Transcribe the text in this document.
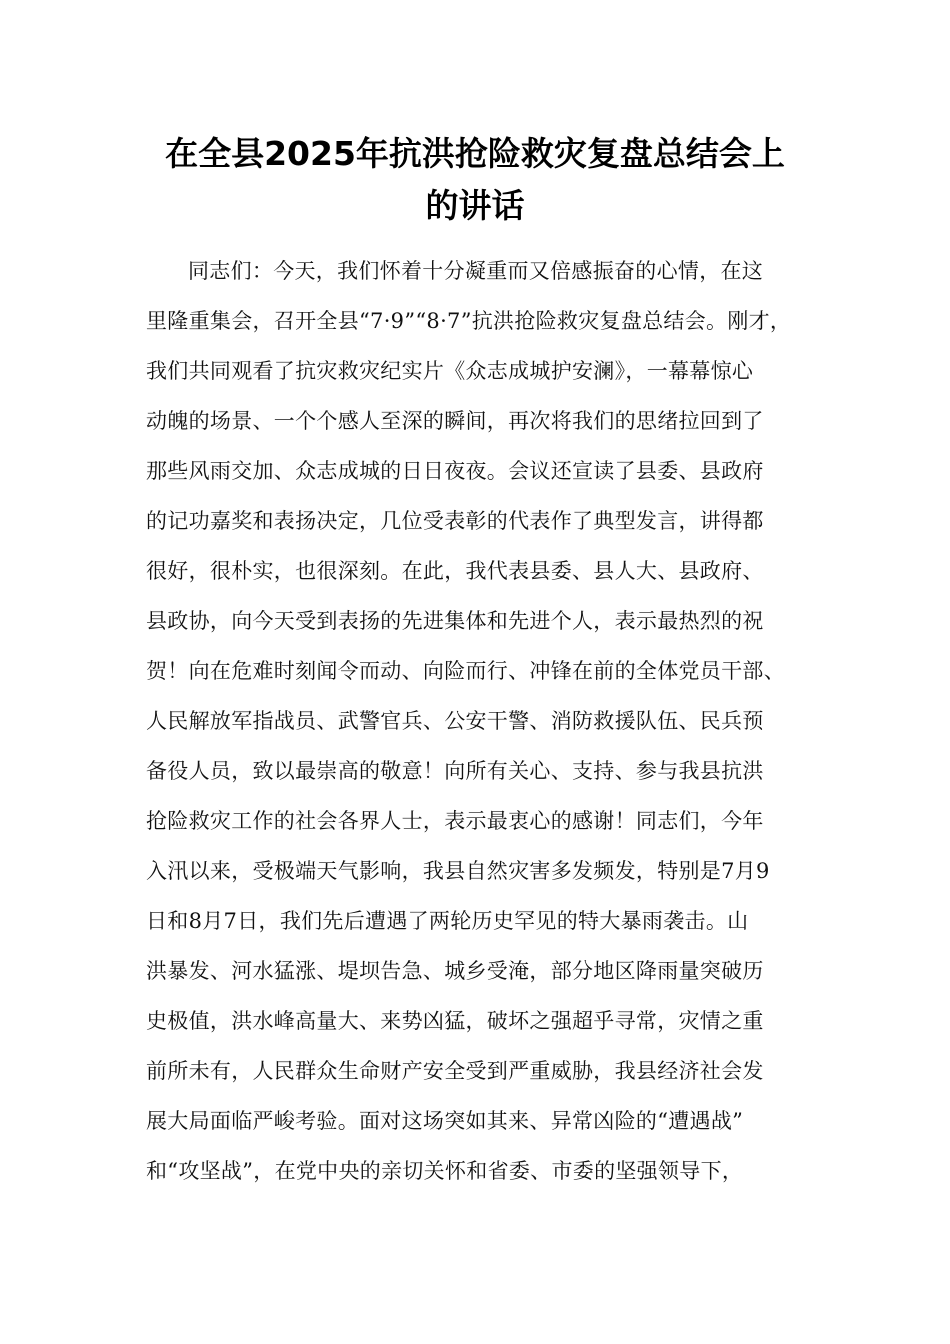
在全县2025年抗洪抢险救灾复盘总结会上
的讲话

同志们：今天，我们怀着十分凝重而又倍感振奋的心情，在这

里隆重集会，召开全县“7·9”“8·7”抗洪抢险救灾复盘总结会。刚才，

我们共同观看了抗灾救灾纪实片《众志成城护安澜》，一幕幕惊心

动魄的场景、一个个感人至深的瞬间，再次将我们的思绪拉回到了

那些风雨交加、众志成城的日日夜夜。会议还宣读了县委、县政府

的记功嘉奖和表扬决定，几位受表彰的代表作了典型发言，讲得都

很好，很朴实，也很深刻。在此，我代表县委、县人大、县政府、

县政协，向今天受到表扬的先进集体和先进个人，表示最热烈的祝

贺！向在危难时刻闻令而动、向险而行、冲锋在前的全体党员干部、

人民解放军指战员、武警官兵、公安干警、消防救援队伍、民兵预

备役人员，致以最崇高的敬意！向所有关心、支持、参与我县抗洪

抢险救灾工作的社会各界人士，表示最衷心的感谢！同志们，今年

入汛以来，受极端天气影响，我县自然灾害多发频发，特别是7月9

日和8月7日，我们先后遭遇了两轮历史罕见的特大暴雨袭击。山

洪暴发、河水猛涨、堤坝告急、城乡受淹，部分地区降雨量突破历

史极值，洪水峰高量大、来势凶猛，破坏之强超乎寻常，灾情之重

前所未有，人民群众生命财产安全受到严重威胁，我县经济社会发

展大局面临严峻考验。面对这场突如其来、异常凶险的“遭遇战”

和“攻坚战”，在党中央的亲切关怀和省委、市委的坚强领导下，
